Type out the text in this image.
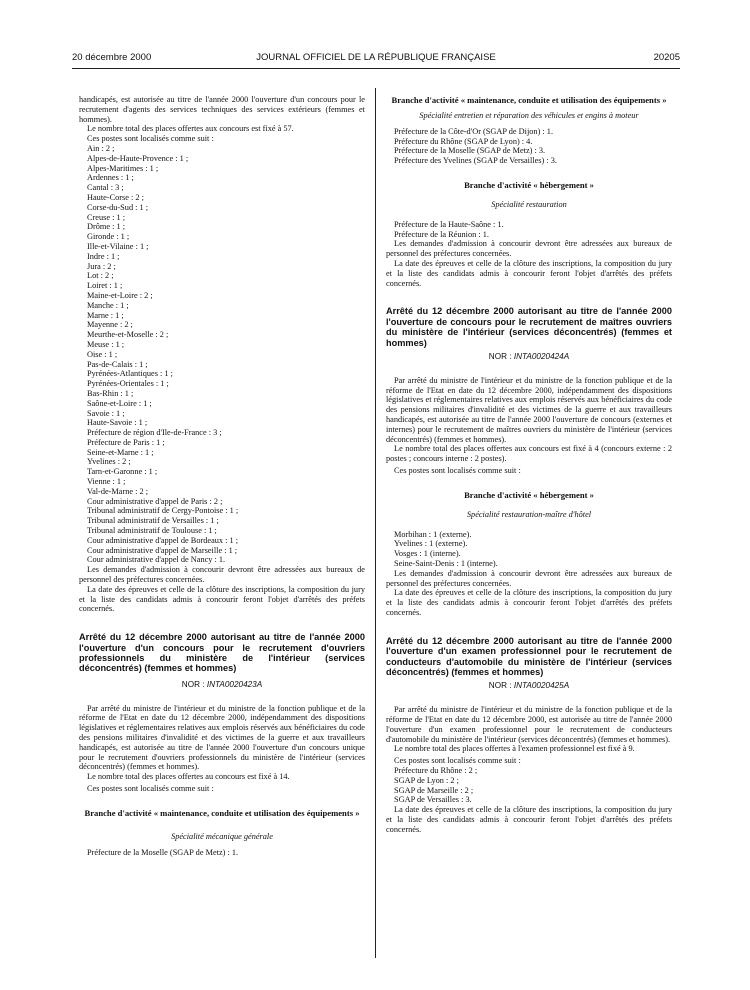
20 décembre 2000	JOURNAL OFFICIEL DE LA RÉPUBLIQUE FRANÇAISE	20205
handicapés, est autorisée au titre de l'année 2000 l'ouverture d'un concours pour le recrutement d'agents des services techniques des services extérieurs (femmes et hommes).
Le nombre total des places offertes aux concours est fixé à 57.
Ces postes sont localisés comme suit :
Ain : 2 ;
Alpes-de-Haute-Provence : 1 ;
Alpes-Maritimes : 1 ;
Ardennes : 1 ;
Cantal : 3 ;
Haute-Corse : 2 ;
Corse-du-Sud : 1 ;
Creuse : 1 ;
Drôme : 1 ;
Gironde : 1 ;
Ille-et-Vilaine : 1 ;
Indre : 1 ;
Jura : 2 ;
Lot : 2 ;
Loiret : 1 ;
Maine-et-Loire : 2 ;
Manche : 1 ;
Marne : 1 ;
Mayenne : 2 ;
Meurthe-et-Moselle : 2 ;
Meuse : 1 ;
Oise : 1 ;
Pas-de-Calais : 1 ;
Pyrénées-Atlantiques : 1 ;
Pyrénées-Orientales : 1 ;
Bas-Rhin : 1 ;
Saône-et-Loire : 1 ;
Savoie : 1 ;
Haute-Savoie : 1 ;
Préfecture de région d'Ile-de-France : 3 ;
Préfecture de Paris : 1 ;
Seine-et-Marne : 1 ;
Yvelines : 2 ;
Tarn-et-Garonne : 1 ;
Vienne : 1 ;
Val-de-Marne : 2 ;
Cour administrative d'appel de Paris : 2 ;
Tribunal administratif de Cergy-Pontoise : 1 ;
Tribunal administratif de Versailles : 1 ;
Tribunal administratif de Toulouse : 1 ;
Cour administrative d'appel de Bordeaux : 1 ;
Cour administrative d'appel de Marseille : 1 ;
Cour administrative d'appel de Nancy : 1.
Les demandes d'admission à concourir devront être adressées aux bureaux de personnel des préfectures concernées.
La date des épreuves et celle de la clôture des inscriptions, la composition du jury et la liste des candidats admis à concourir feront l'objet d'arrêtés des préfets concernés.
Arrêté du 12 décembre 2000 autorisant au titre de l'année 2000 l'ouverture d'un concours pour le recrutement d'ouvriers professionnels du ministère de l'intérieur (services déconcentrés) (femmes et hommes)
NOR : INTA0020423A
Par arrêté du ministre de l'intérieur et du ministre de la fonction publique et de la réforme de l'Etat en date du 12 décembre 2000, indépendamment des dispositions législatives et réglementaires relatives aux emplois réservés aux bénéficiaires du code des pensions militaires d'invalidité et des victimes de la guerre et aux travailleurs handicapés, est autorisée au titre de l'année 2000 l'ouverture d'un concours unique pour le recrutement d'ouvriers professionnels du ministère de l'intérieur (services déconcentrés) (femmes et hommes).
Le nombre total des places offertes au concours est fixé à 14.
Ces postes sont localisés comme suit :
Branche d'activité « maintenance, conduite et utilisation des équipements »
Spécialité mécanique générale
Préfecture de la Moselle (SGAP de Metz) : 1.
Branche d'activité « maintenance, conduite et utilisation des équipements »
Spécialité entretien et réparation des véhicules et engins à moteur
Préfecture de la Côte-d'Or (SGAP de Dijon) : 1.
Préfecture du Rhône (SGAP de Lyon) : 4.
Préfecture de la Moselle (SGAP de Metz) : 3.
Préfecture des Yvelines (SGAP de Versailles) : 3.
Branche d'activité « hébergement »
Spécialité restauration
Préfecture de la Haute-Saône : 1.
Préfecture de la Réunion : 1.
Les demandes d'admission à concourir devront être adressées aux bureaux de personnel des préfectures concernées.
La date des épreuves et celle de la clôture des inscriptions, la composition du jury et la liste des candidats admis à concourir feront l'objet d'arrêtés des préfets concernés.
Arrêté du 12 décembre 2000 autorisant au titre de l'année 2000 l'ouverture de concours pour le recrutement de maîtres ouvriers du ministère de l'intérieur (services déconcentrés) (femmes et hommes)
NOR : INTA0020424A
Par arrêté du ministre de l'intérieur et du ministre de la fonction publique et de la réforme de l'Etat en date du 12 décembre 2000, indépendamment des dispositions législatives et réglementaires relatives aux emplois réservés aux bénéficiaires du code des pensions militaires d'invalidité et des victimes de la guerre et aux travailleurs handicapés, est autorisée au titre de l'année 2000 l'ouverture de concours (externes et internes) pour le recrutement de maîtres ouvriers du ministère de l'intérieur (services déconcentrés) (femmes et hommes).
Le nombre total des places offertes aux concours est fixé à 4 (concours externe : 2 postes ; concours interne : 2 postes).
Ces postes sont localisés comme suit :
Branche d'activité « hébergement »
Spécialité restauration-maître d'hôtel
Morbihan : 1 (externe).
Yvelines : 1 (externe).
Vosges : 1 (interne).
Seine-Saint-Denis : 1 (interne).
Les demandes d'admission à concourir devront être adressées aux bureaux de personnel des préfectures concernées.
La date des épreuves et celle de la clôture des inscriptions, la composition du jury et la liste des candidats admis à concourir feront l'objet d'arrêtés des préfets concernés.
Arrêté du 12 décembre 2000 autorisant au titre de l'année 2000 l'ouverture d'un examen professionnel pour le recrutement de conducteurs d'automobile du ministère de l'intérieur (services déconcentrés) (femmes et hommes)
NOR : INTA0020425A
Par arrêté du ministre de l'intérieur et du ministre de la fonction publique et de la réforme de l'Etat en date du 12 décembre 2000, est autorisée au titre de l'année 2000 l'ouverture d'un examen professionnel pour le recrutement de conducteurs d'automobile du ministère de l'intérieur (services déconcentrés) (femmes et hommes).
Le nombre total des places offertes à l'examen professionnel est fixé à 9.
Ces postes sont localisés comme suit :
Préfecture du Rhône : 2 ;
SGAP de Lyon : 2 ;
SGAP de Marseille : 2 ;
SGAP de Versailles : 3.
La date des épreuves et celle de la clôture des inscriptions, la composition du jury et la liste des candidats admis à concourir feront l'objet d'arrêtés des préfets concernés.
